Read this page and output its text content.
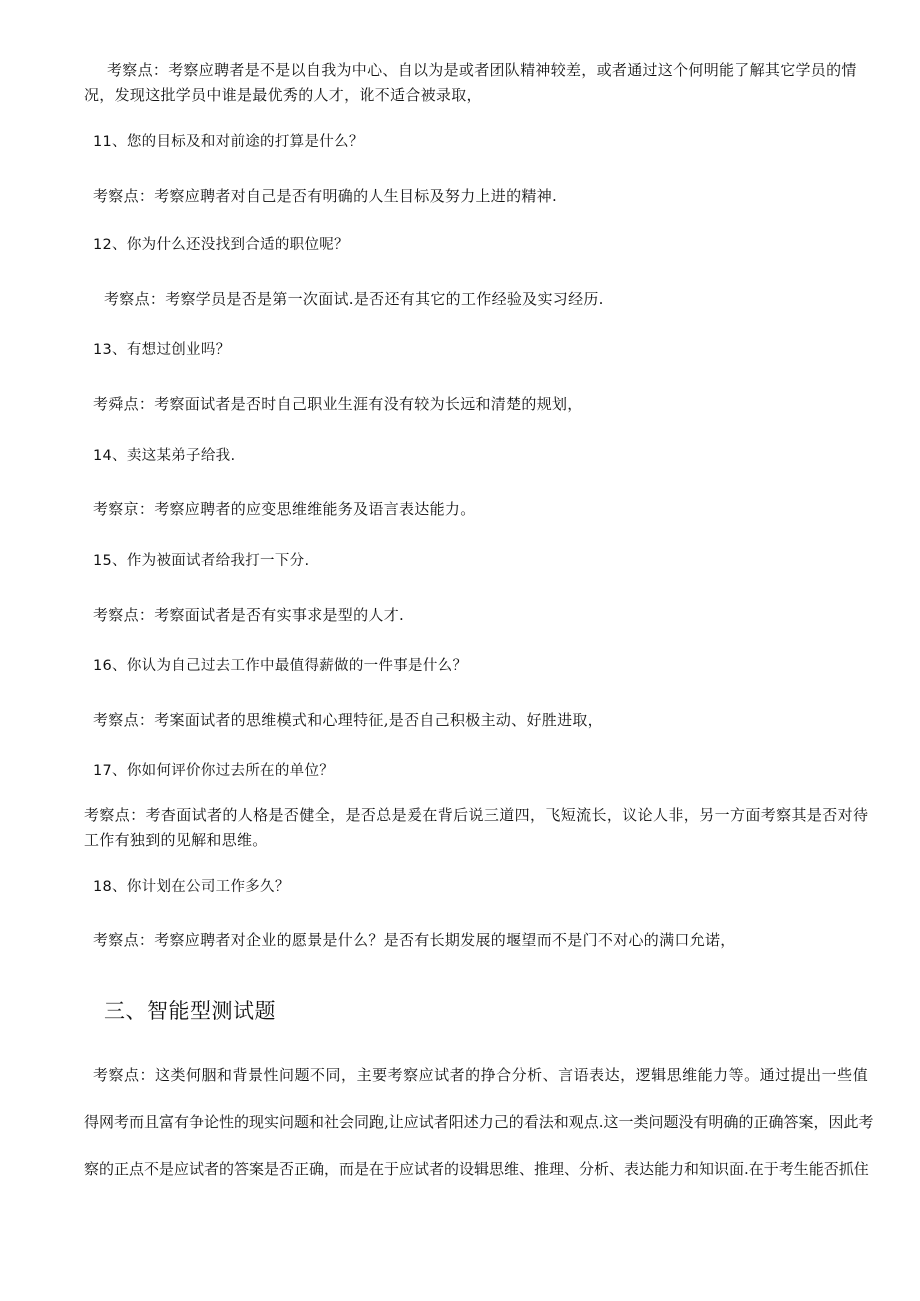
考察点：考察应聘者是不是以自我为中心、自以为是或者团队精神较差，或者通过这个何明能了解其它学员的情
况，发现这批学员中谁是最优秀的人才，讹不适合被录取，
11、您的目标及和对前途的打算是什么？
考察点：考察应聘者对自己是否有明确的人生目标及努力上进的精神.
12、你为什么还没找到合适的职位呢？
考察点：考察学员是否是第一次面试.是否还有其它的工作经验及实习经历.
13、有想过创业吗？
考舜点：考察面试者是否时自己职业生涯有没有较为长远和清楚的规划，
14、卖这某弟子给我.
考察京：考察应聘者的应变思维维能务及语言表达能力。
15、作为被面试者给我打一下分.
考察点：考察面试者是否有实事求是型的人才.
16、你认为自己过去工作中最值得薪做的一件事是什么？
考察点：考案面试者的思维模式和心理特征,是否自己积极主动、好胜进取，
17、你如何评价你过去所在的单位？
考察点：考杳面试者的人格是否健全，是否总是爰在背后说三道四，飞短流长，议论人非，另一方面考察其是否对待
工作有独到的见解和思维。
18、你计划在公司工作多久？
考察点：考察应聘者对企业的愿景是什么？是否有长期发展的堰望而不是门不对心的满口允诺，
三、智能型测试题
考察点：这类何胭和背景性问题不同，主要考察应试者的挣合分析、言语表达，逻辑思维能力等。通过提出一些值
得网考而且富有争论性的现实问题和社会同跑,让应试者阳述力己的看法和观点.这一类问题没有明确的正确答案，因此考
察的正点不是应试者的答案是否正确，而是在于应试者的设辑思维、推理、分析、表达能力和知识面.在于考生能否抓住
